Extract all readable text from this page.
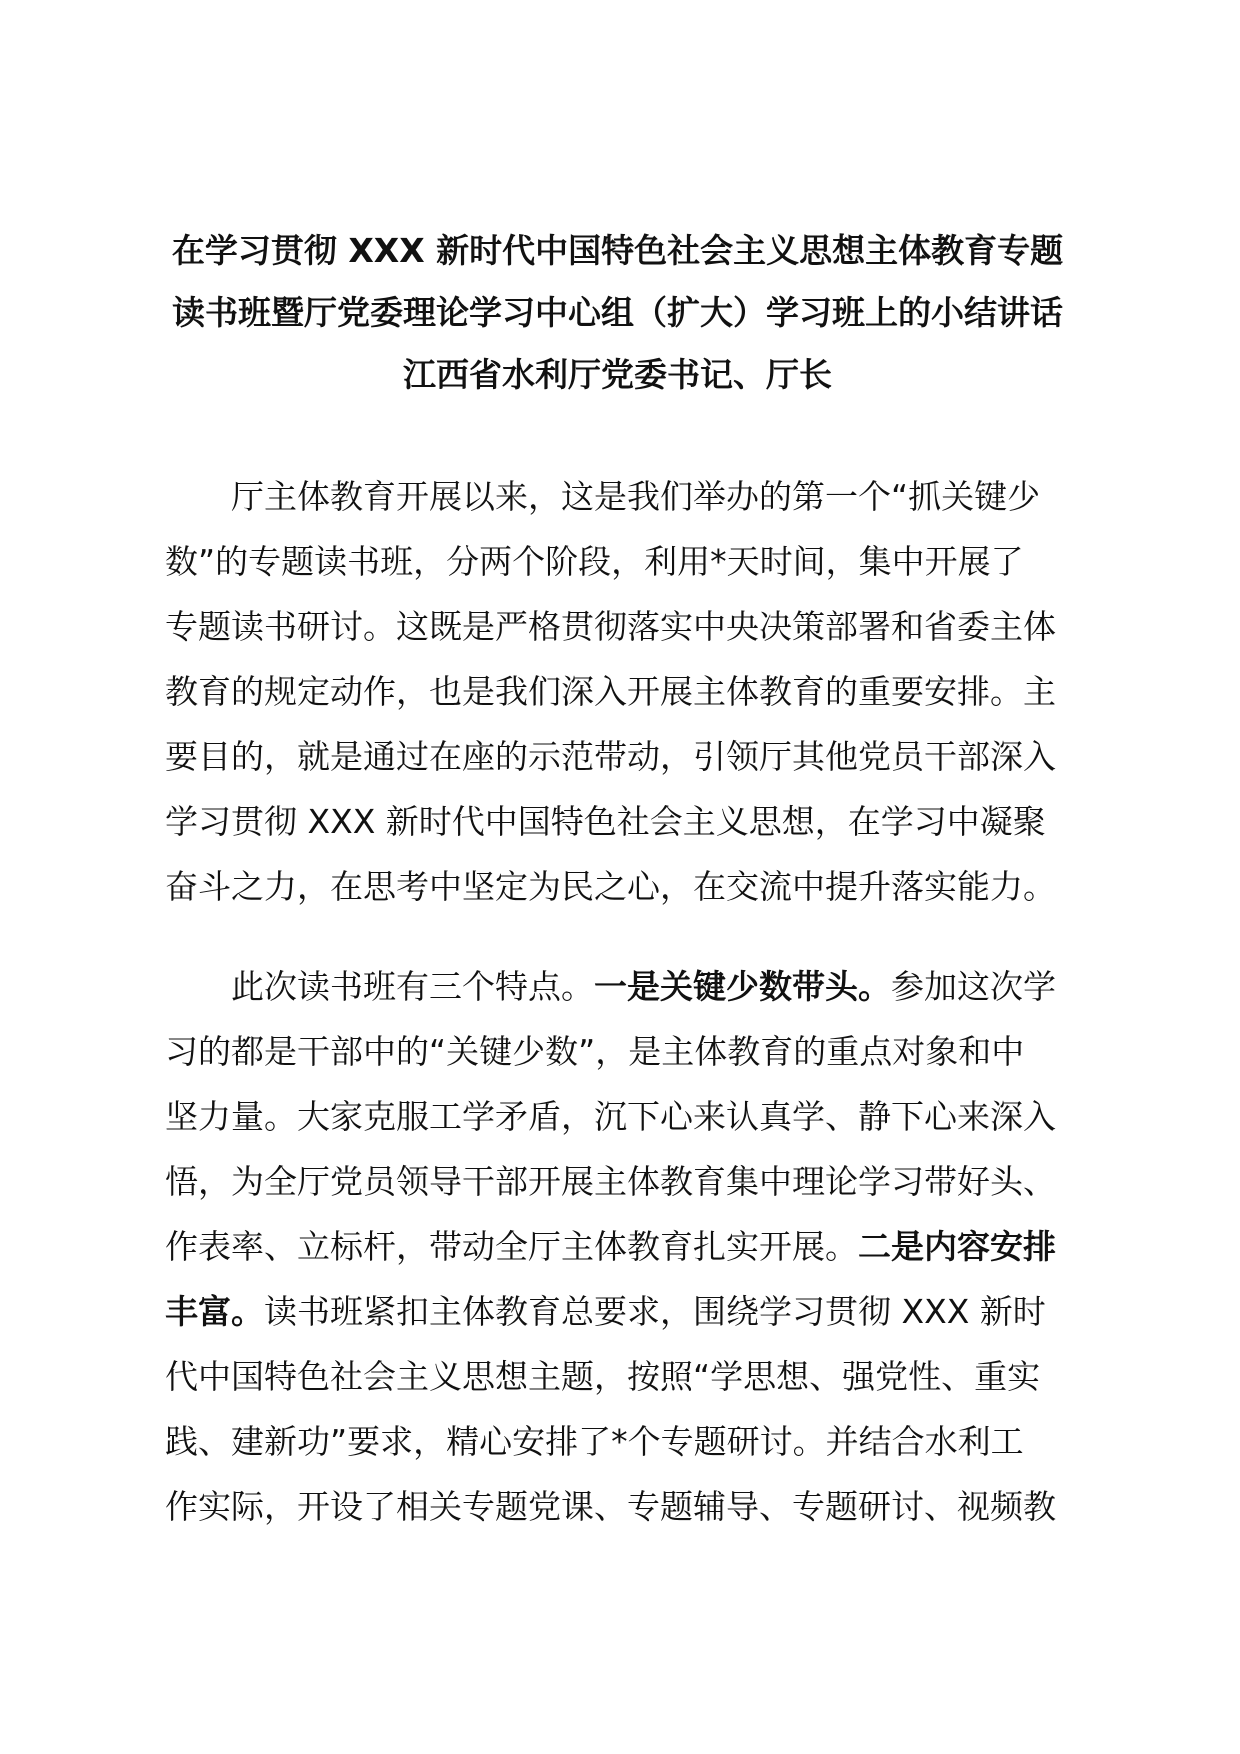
在学习贯彻 XXX 新时代中国特色社会主义思想主体教育专题
读书班暨厅党委理论学习中心组（扩大）学习班上的小结讲话
江西省水利厅党委书记、厅长
厅主体教育开展以来，这是我们举办的第一个“抓关键少
数”的专题读书班，分两个阶段，利用*天时间，集中开展了
专题读书研讨。这既是严格贯彻落实中央决策部署和省委主体
教育的规定动作，也是我们深入开展主体教育的重要安排。主
要目的，就是通过在座的示范带动，引领厅其他党员干部深入
学习贯彻 XXX 新时代中国特色社会主义思想，在学习中凝聚
奋斗之力，在思考中坚定为民之心，在交流中提升落实能力。
此次读书班有三个特点。一是关键少数带头。参加这次学
习的都是干部中的“关键少数”，是主体教育的重点对象和中
坚力量。大家克服工学矛盾，沉下心来认真学、静下心来深入
悟，为全厅党员领导干部开展主体教育集中理论学习带好头、
作表率、立标杆，带动全厅主体教育扎实开展。二是内容安排
丰富。读书班紧扣主体教育总要求，围绕学习贯彻 XXX 新时
代中国特色社会主义思想主题，按照“学思想、强党性、重实
践、建新功”要求，精心安排了*个专题研讨。并结合水利工
作实际，开设了相关专题党课、专题辅导、专题研讨、视频教
